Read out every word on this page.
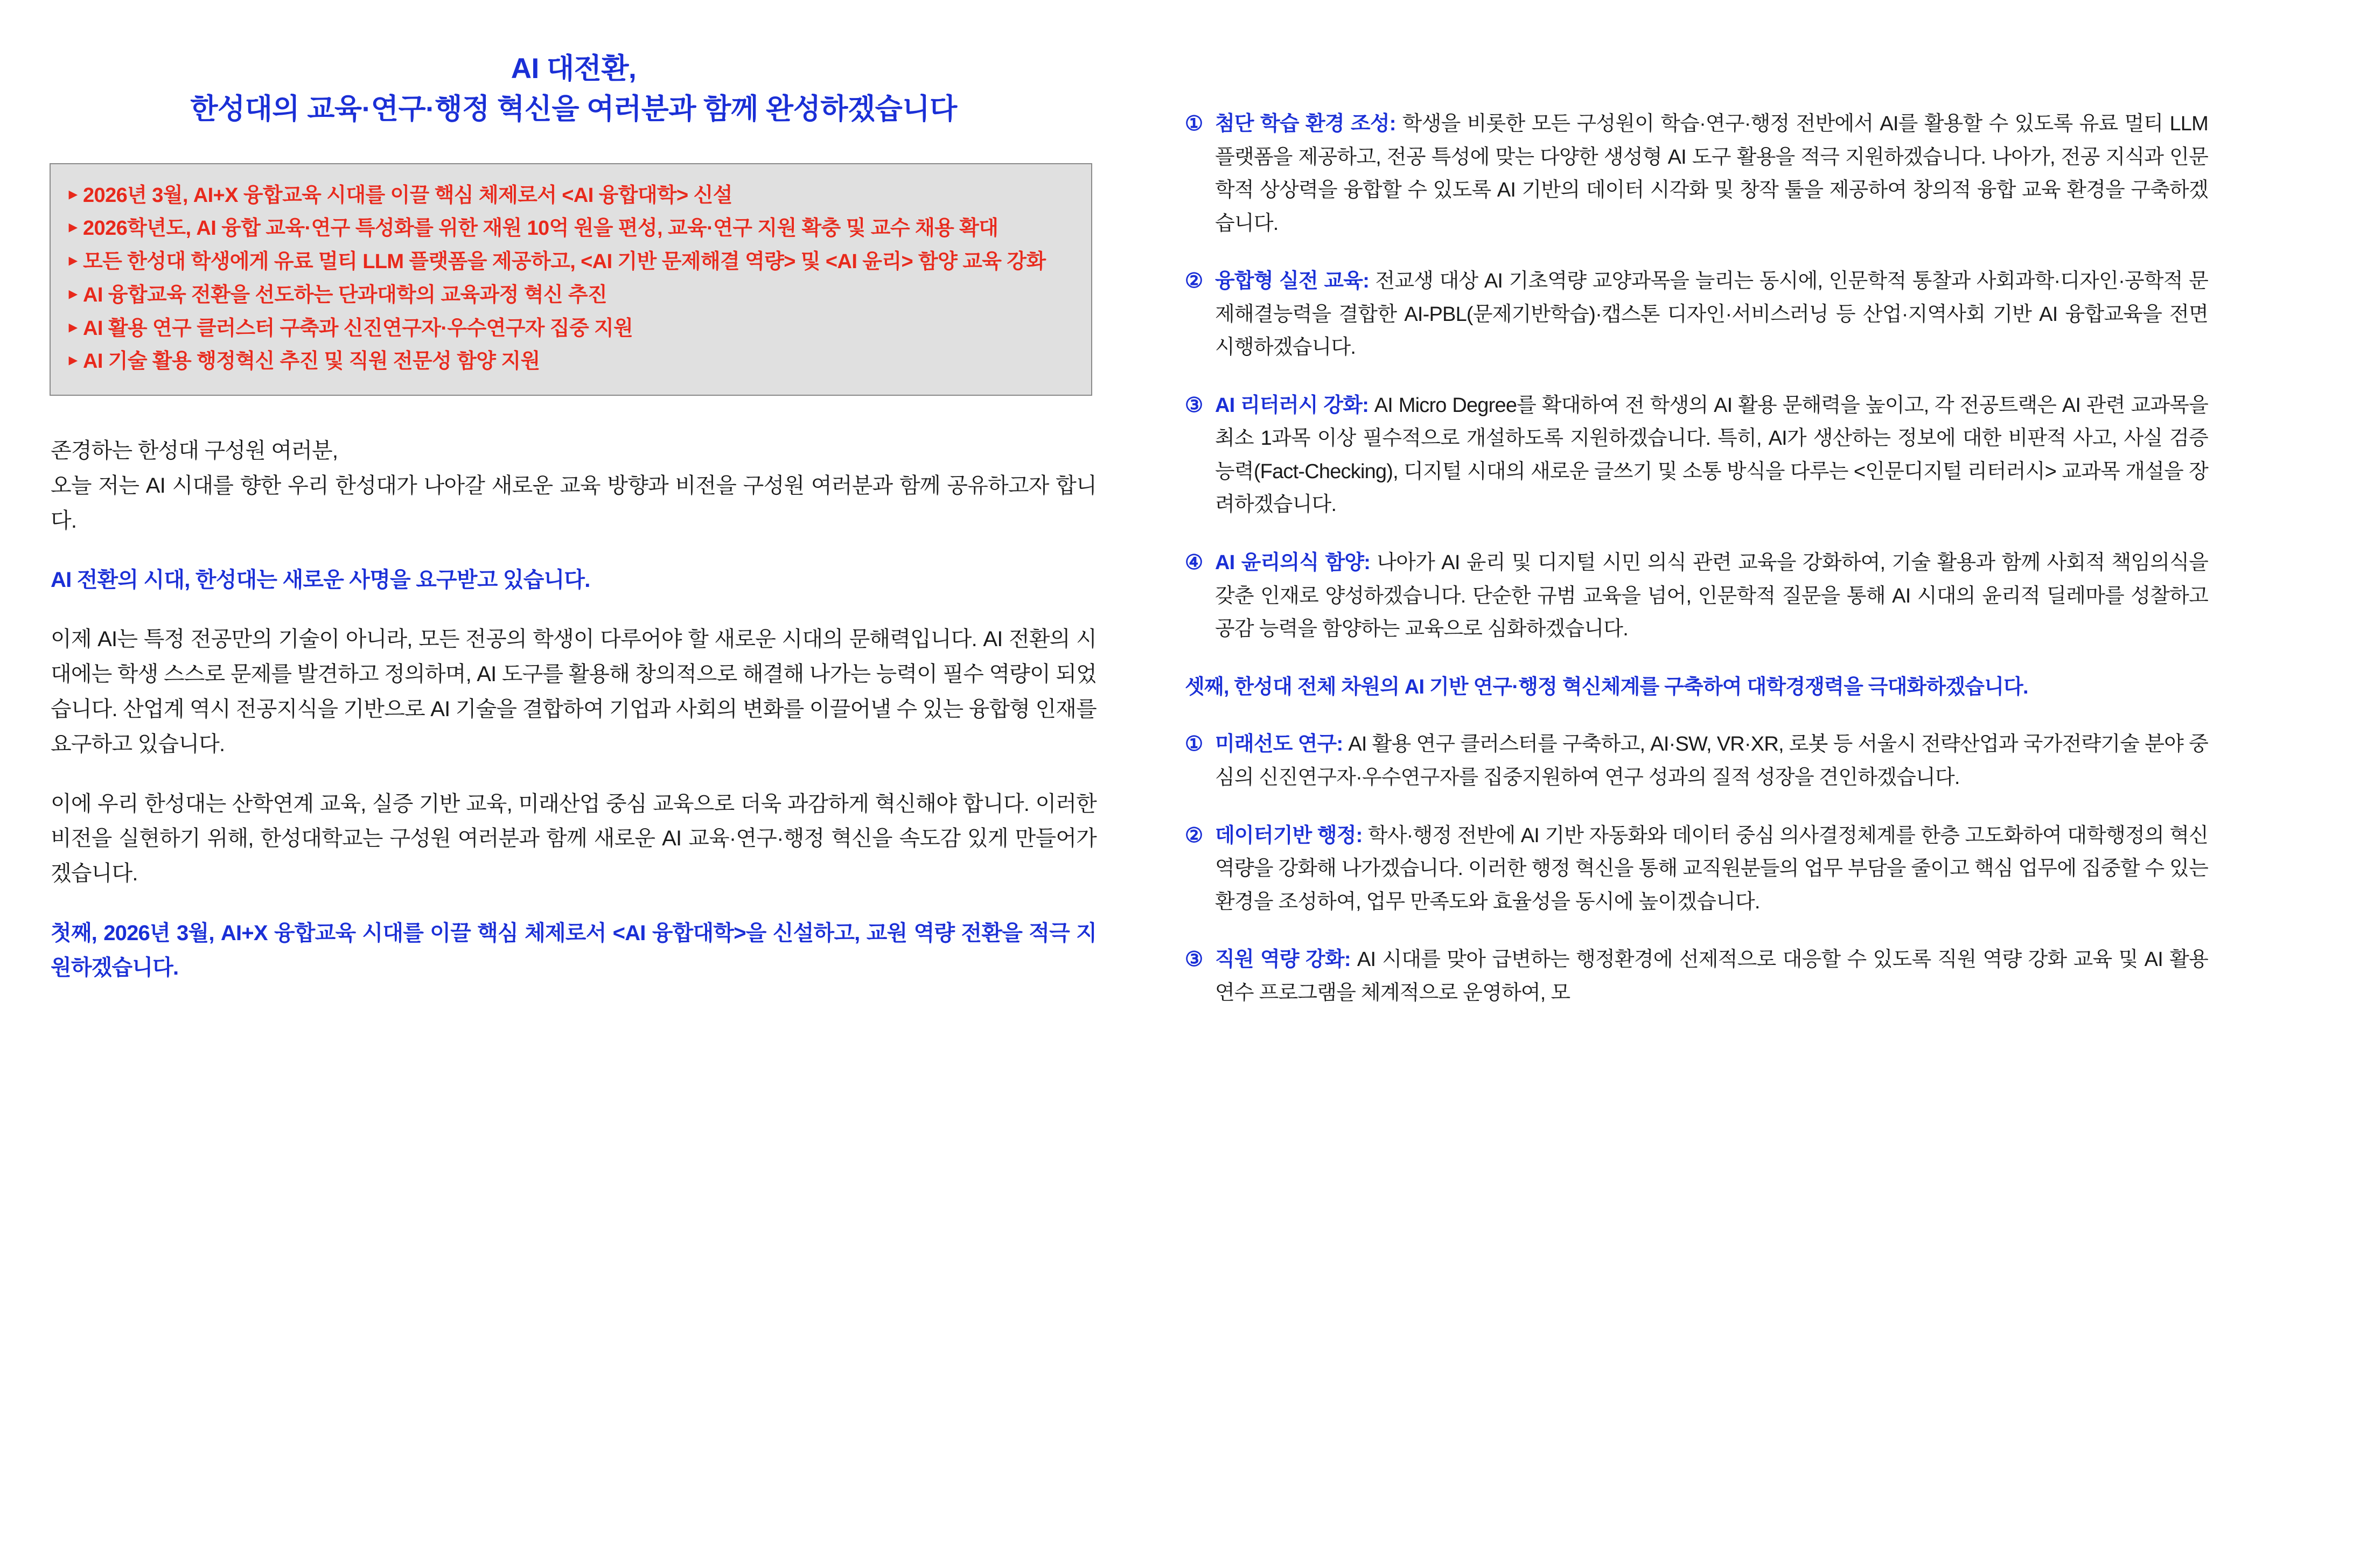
AI 대전환,
한성대의 교육·연구·행정 혁신을 여러분과 함께 완성하겠습니다
▸ 2026년 3월, AI+X 융합교육 시대를 이끌 핵심 체제로서 <AI 융합대학> 신설
▸ 2026학년도, AI 융합 교육·연구 특성화를 위한 재원 10억 원을 편성, 교육·연구 지원 확충 및 교수 채용 확대
▸ 모든 한성대 학생에게 유료 멀티 LLM 플랫폼을 제공하고, <AI 기반 문제해결 역량> 및 <AI 윤리> 함양 교육 강화
▸ AI 융합교육 전환을 선도하는 단과대학의 교육과정 혁신 추진
▸ AI 활용 연구 클러스터 구축과 신진연구자·우수연구자 집중 지원
▸ AI 기술 활용 행정혁신 추진 및 직원 전문성 함양 지원

존경하는 한성대 구성원 여러분,

오늘 저는 AI 시대를 향한 우리 한성대가 나아갈 새로운 교육 방향과 비전을 구성원 여러분과 함께 공유하고자 합니다.

AI 전환의 시대, 한성대는 새로운 사명을 요구받고 있습니다.

이제 AI는 특정 전공만의 기술이 아니라, 모든 전공의 학생이 다루어야 할 새로운 시대의 문해력입니다. AI 전환의 시대에는 학생 스스로 문제를 발견하고 정의하며, AI 도구를 활용해 창의적으로 해결해 나가는 능력이 필수 역량이 되었습니다. 산업계 역시 전공지식을 기반으로 AI 기술을 결합하여 기업과 사회의 변화를 이끌어낼 수 있는 융합형 인재를 요구하고 있습니다.

이에 우리 한성대는 산학연계 교육, 실증 기반 교육, 미래산업 중심 교육으로 더욱 과감하게 혁신해야 합니다. 이러한 비전을 실현하기 위해, 한성대학교는 구성원 여러분과 함께 새로운 AI 교육·연구·행정 혁신을 속도감 있게 만들어가겠습니다.

첫째, 2026년 3월, AI+X 융합교육 시대를 이끌 핵심 체제로서 <AI 융합대학>을 신설하고, 교원 역량 전환을 적극 지원하겠습니다.

① 첨단 학습 환경 조성: 학생을 비롯한 모든 구성원이 학습·연구·행정 전반에서 AI를 활용할 수 있도록 유료 멀티 LLM 플랫폼을 제공하고, 전공 특성에 맞는 다양한 생성형 AI 도구 활용을 적극 지원하겠습니다. 나아가, 전공 지식과 인문학적 상상력을 융합할 수 있도록 AI 기반의 데이터 시각화 및 창작 툴을 제공하여 창의적 융합 교육 환경을 구축하겠습니다.
② 융합형 실전 교육: 전교생 대상 AI 기초역량 교양과목을 늘리는 동시에, 인문학적 통찰과 사회과학·디자인·공학적 문제해결능력을 결합한 AI-PBL(문제기반학습)·캡스톤 디자인·서비스러닝 등 산업·지역사회 기반 AI 융합교육을 전면 시행하겠습니다.
③ AI 리터러시 강화: AI Micro Degree를 확대하여 전 학생의 AI 활용 문해력을 높이고, 각 전공트랙은 AI 관련 교과목을 최소 1과목 이상 필수적으로 개설하도록 지원하겠습니다. 특히, AI가 생산하는 정보에 대한 비판적 사고, 사실 검증 능력(Fact-Checking), 디지털 시대의 새로운 글쓰기 및 소통 방식을 다루는 <인문디지털 리터러시> 교과목 개설을 장려하겠습니다.
④ AI 윤리의식 함양: 나아가 AI 윤리 및 디지털 시민 의식 관련 교육을 강화하여, 기술 활용과 함께 사회적 책임의식을 갖춘 인재로 양성하겠습니다. 단순한 규범 교육을 넘어, 인문학적 질문을 통해 AI 시대의 윤리적 딜레마를 성찰하고 공감 능력을 함양하는 교육으로 심화하겠습니다.
셋째, 한성대 전체 차원의 AI 기반 연구·행정 혁신체계를 구축하여 대학경쟁력을 극대화하겠습니다.
① 미래선도 연구: AI 활용 연구 클러스터를 구축하고, AI·SW, VR·XR, 로봇 등 서울시 전략산업과 국가전략기술 분야 중심의 신진연구자·우수연구자를 집중지원하여 연구 성과의 질적 성장을 견인하겠습니다.
② 데이터기반 행정: 학사·행정 전반에 AI 기반 자동화와 데이터 중심 의사결정체계를 한층 고도화하여 대학행정의 혁신 역량을 강화해 나가겠습니다. 이러한 행정 혁신을 통해 교직원분들의 업무 부담을 줄이고 핵심 업무에 집중할 수 있는 환경을 조성하여, 업무 만족도와 효율성을 동시에 높이겠습니다.
③ 직원 역량 강화: AI 시대를 맞아 급변하는 행정환경에 선제적으로 대응할 수 있도록 직원 역량 강화 교육 및 AI 활용 연수 프로그램을 체계적으로 운영하여, 모
